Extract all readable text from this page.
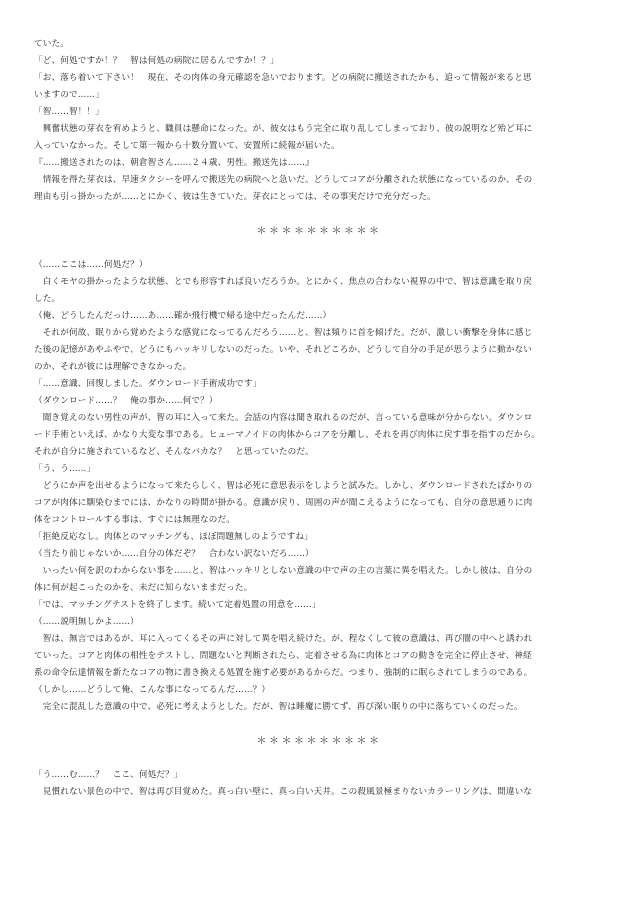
ていた。
「ど、何処ですか！？　智は何処の病院に居るんですか！？」
「お、落ち着いて下さい！　現在、その肉体の身元確認を急いでおります。どの病院に搬送されたかも、追って情報が来ると思
いますので……」
「智……智！！」
　興奮状態の芽衣を宥めようと、職員は懸命になった。が、彼女はもう完全に取り乱してしまっており、彼の説明など殆ど耳に
入っていなかった。そして第一報から十数分置いて、安置所に続報が届いた。
『……搬送されたのは、朝倉智さん……２４歳、男性。搬送先は……』
　情報を得た芽衣は、早速タクシーを呼んで搬送先の病院へと急いだ。どうしてコアが分離された状態になっているのか、その
理由も引っ掛かったが……とにかく、彼は生きていた。芽衣にとっては、その事実だけで充分だった。
＊＊＊＊＊＊＊＊＊＊
（……ここは……何処だ？）
　白くモヤの掛かったような状態、とでも形容すれば良いだろうか。とにかく、焦点の合わない視界の中で、智は意識を取り戻
した。
（俺、どうしたんだっけ……あ……確か飛行機で帰る途中だったんだ……）
　それが何故、眠りから覚めたような感覚になってるんだろう……と、智は頻りに首を傾げた。だが、激しい衝撃を身体に感じ
た後の記憶があやふやで、どうにもハッキリしないのだった。いや、それどころか、どうして自分の手足が思うように動かない
のか、それが彼には理解できなかった。
「……意識、回復しました。ダウンロード手術成功です」
（ダウンロード……？　俺の事か……何で？）
　聞き覚えのない男性の声が、智の耳に入って来た。会話の内容は聞き取れるのだが、言っている意味が分からない。ダウンロ
ード手術といえば、かなり大変な事である。ヒューマノイドの肉体からコアを分離し、それを再び肉体に戻す事を指すのだから。
それが自分に施されているなど、そんなバカな？　と思っていたのだ。
「う、う……」
　どうにか声を出せるようになって来たらしく、智は必死に意思表示をしようと試みた。しかし、ダウンロードされたばかりの
コアが肉体に馴染むまでには、かなりの時間が掛かる。意識が戻り、周囲の声が聞こえるようになっても、自分の意思通りに肉
体をコントロールする事は、すぐには無理なのだ。
「拒絶反応なし。肉体とのマッチングも、ほぼ問題無しのようですね」
（当たり前じゃないか……自分の体だぞ？　合わない訳ないだろ……）
　いったい何を訳のわからない事を……と、智はハッキリとしない意識の中で声の主の言葉に異を唱えた。しかし彼は、自分の
体に何が起こったのかを、未だに知らないままだった。
「では、マッチングテストを終了します。続いて定着処置の用意を……」
（……説明無しかよ……）
　智は、無言ではあるが、耳に入ってくるその声に対して異を唱え続けた。が、程なくして彼の意識は、再び闇の中へと誘われ
ていった。コアと肉体の相性をテストし、問題ないと判断されたら、定着させる為に肉体とコアの動きを完全に停止させ、神経
系の命令伝達情報を新たなコアの物に書き換える処置を施す必要があるからだ。つまり、強制的に眠らされてしまうのである。
（しかし……どうして俺、こんな事になってるんだ……？）
　完全に混乱した意識の中で、必死に考えようとした。だが、智は睡魔に勝てず、再び深い眠りの中に落ちていくのだった。
＊＊＊＊＊＊＊＊＊＊
「う……む……？　ここ、何処だ？」
　見慣れない景色の中で、智は再び目覚めた。真っ白い壁に、真っ白い天井。この殺風景極まりないカラーリングは、間違いな
